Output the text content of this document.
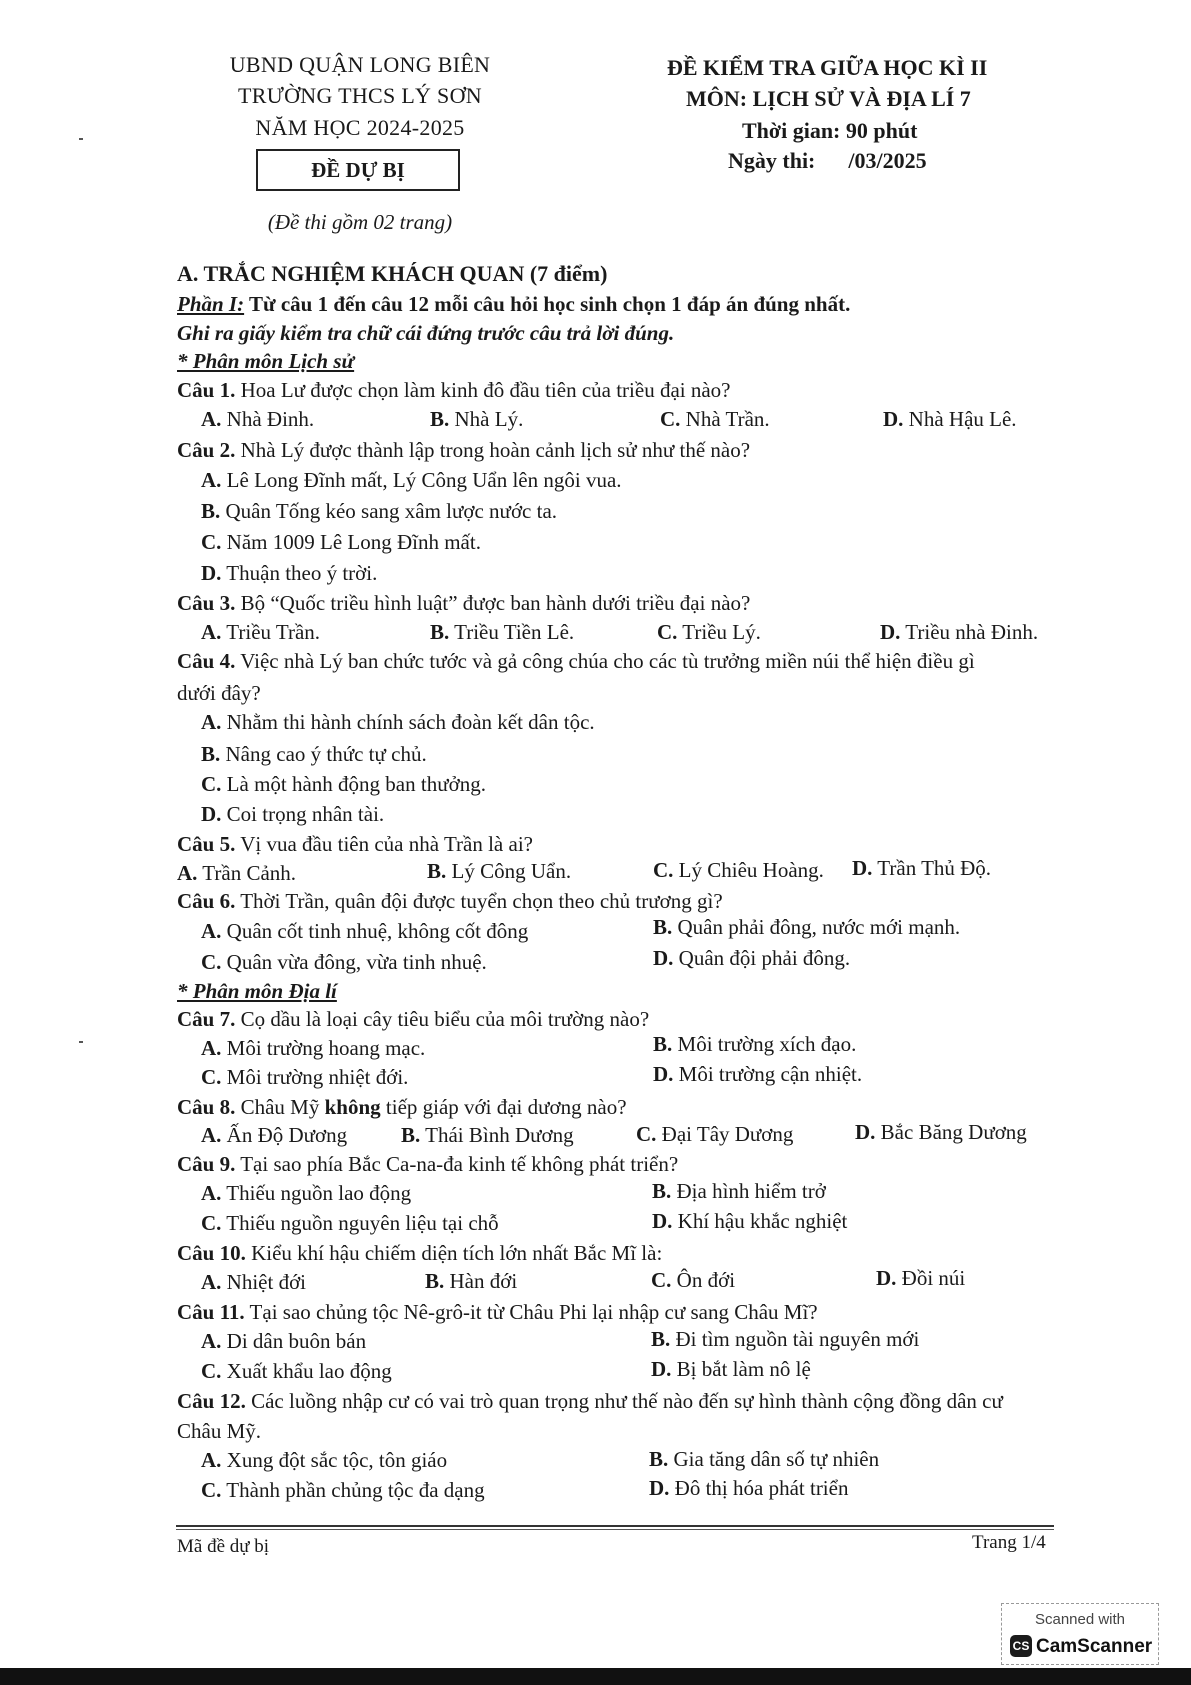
UBND QUẬN LONG BIÊN
TRƯỜNG THCS LÝ SƠN
NĂM HỌC 2024-2025
ĐỀ DỰ BỊ
(Đề thi gồm 02 trang)
ĐỀ KIỂM TRA GIỮA HỌC KÌ II
MÔN: LỊCH SỬ VÀ ĐỊA LÍ 7
Thời gian: 90 phút
Ngày thi:      /03/2025
A. TRẮC NGHIỆM KHÁCH QUAN (7 điểm)
Phần I: Từ câu 1 đến câu 12 mỗi câu hỏi học sinh chọn 1 đáp án đúng nhất.
Ghi ra giấy kiểm tra chữ cái đứng trước câu trả lời đúng.
* Phân môn Lịch sử
Câu 1. Hoa Lư được chọn làm kinh đô đầu tiên của triều đại nào?
A. Nhà Đinh.	B. Nhà Lý.	C. Nhà Trần.	D. Nhà Hậu Lê.
Câu 2. Nhà Lý được thành lập trong hoàn cảnh lịch sử như thế nào?
A. Lê Long Đĩnh mất, Lý Công Uẩn lên ngôi vua.
B. Quân Tống kéo sang xâm lược nước ta.
C. Năm 1009 Lê Long Đĩnh mất.
D. Thuận theo ý trời.
Câu 3. Bộ “Quốc triều hình luật” được ban hành dưới triều đại nào?
A. Triều Trần.	B. Triều Tiền Lê.	C. Triều Lý.	D. Triều nhà Đinh.
Câu 4. Việc nhà Lý ban chức tước và gả công chúa cho các tù trưởng miền núi thể hiện điều gì
dưới đây?
A. Nhằm thi hành chính sách đoàn kết dân tộc.
B. Nâng cao ý thức tự chủ.
C. Là một hành động ban thưởng.
D. Coi trọng nhân tài.
Câu 5. Vị vua đầu tiên của nhà Trần là ai?
A. Trần Cảnh.	B. Lý Công Uẩn.	C. Lý Chiêu Hoàng. D. Trần Thủ Độ.
Câu 6. Thời Trần, quân đội được tuyển chọn theo chủ trương gì?
A. Quân cốt tinh nhuệ, không cốt đông	B. Quân phải đông, nước mới mạnh.
C. Quân vừa đông, vừa tinh nhuệ.	D. Quân đội phải đông.
* Phân môn Địa lí
Câu 7. Cọ dầu là loại cây tiêu biểu của môi trường nào?
A. Môi trường hoang mạc.	B. Môi trường xích đạo.
C. Môi trường nhiệt đới.	D. Môi trường cận nhiệt.
Câu 8. Châu Mỹ không tiếp giáp với đại dương nào?
A. Ấn Độ Dương	B. Thái Bình Dương	C. Đại Tây Dương	D. Bắc Băng Dương
Câu 9. Tại sao phía Bắc Ca-na-đa kinh tế không phát triển?
A. Thiếu nguồn lao động	B. Địa hình hiểm trở
C. Thiếu nguồn nguyên liệu tại chỗ	D. Khí hậu khắc nghiệt
Câu 10. Kiểu khí hậu chiếm diện tích lớn nhất Bắc Mĩ là:
A. Nhiệt đới	B. Hàn đới	C. Ôn đới	D. Đồi núi
Câu 11. Tại sao chủng tộc Nê-grô-it từ Châu Phi lại nhập cư sang Châu Mĩ?
A. Di dân buôn bán	B. Đi tìm nguồn tài nguyên mới
C. Xuất khẩu lao động	D. Bị bắt làm nô lệ
Câu 12. Các luồng nhập cư có vai trò quan trọng như thế nào đến sự hình thành cộng đồng dân cư
Châu Mỹ.
A. Xung đột sắc tộc, tôn giáo	B. Gia tăng dân số tự nhiên
C. Thành phần chủng tộc đa dạng	D. Đô thị hóa phát triển
Mã đề dự bị	Trang 1/4
Scanned with
CS CamScanner
